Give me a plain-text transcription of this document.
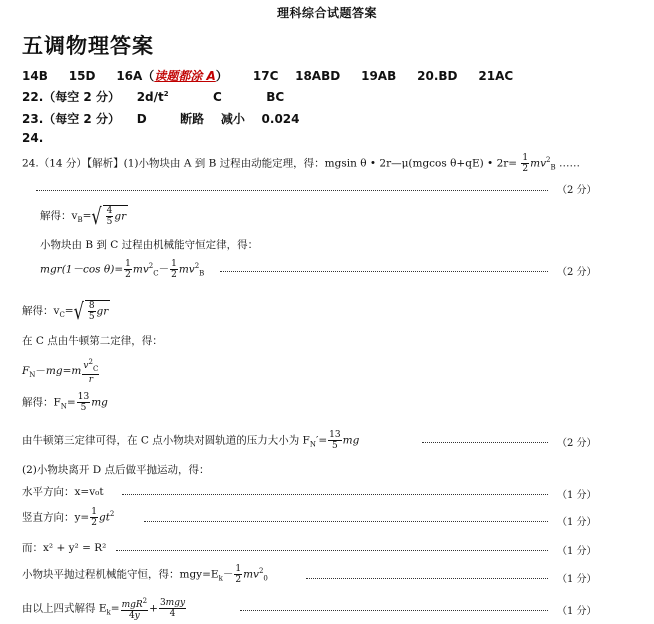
理科综合试题答案
五调物理答案
14B 15D 16A（读题都涂 A） 17C 18ABD 19AB 20.BD 21AC
22.（每空 2 分） $2d/t^2$	C	BC
23.（每空 2 分） D	断路 减小 0.024
24.
24.（14 分）【解析】(1)小物块由 A 到 B 过程由动能定理，得：mgsin θ • 2r—μ(mgcos θ+qE) • $2r= \frac{1}{2} mv^2_B$ ……
（2 分）
解得：$v_B=√ \frac{4}{5}$ gr
小物块由 B 到 C 过程由机械能守恒定律，得：
mgr(1－cos $\theta)= \frac{1}{2} mv^2_C- \frac{1}{2} mv^2_B$	（2 分）
解得：$v_C=√ \frac{8}{5}$ gr
在 C 点由牛顿第二定律，得：
$F_N-mg=m \frac{v^2_C}{r}$
解得：$F_N= \frac{13}{5}$ mg
由牛顿第三定律可得，在 C 点小物块对圆轨道的压力大小为 $F_N'= \frac{13}{5}$ mg	（2 分）
(2)小物块离开 D 点后做平抛运动，得：
水平方向：x=v₀t	（1 分）
竖直方向：$y= \frac{1}{2} gt^2$
（1 分）
而：x² + y² = R²	（1 分）
小物块平抛过程机械能守恒，得：$mgy=E_k- \frac{1}{2} mv^2_0$	（1 分）
由以上四式解得 $E_k= \frac{mgR^2}{4y} + \frac{\text{3mgy}}{4}$	（1 分）
